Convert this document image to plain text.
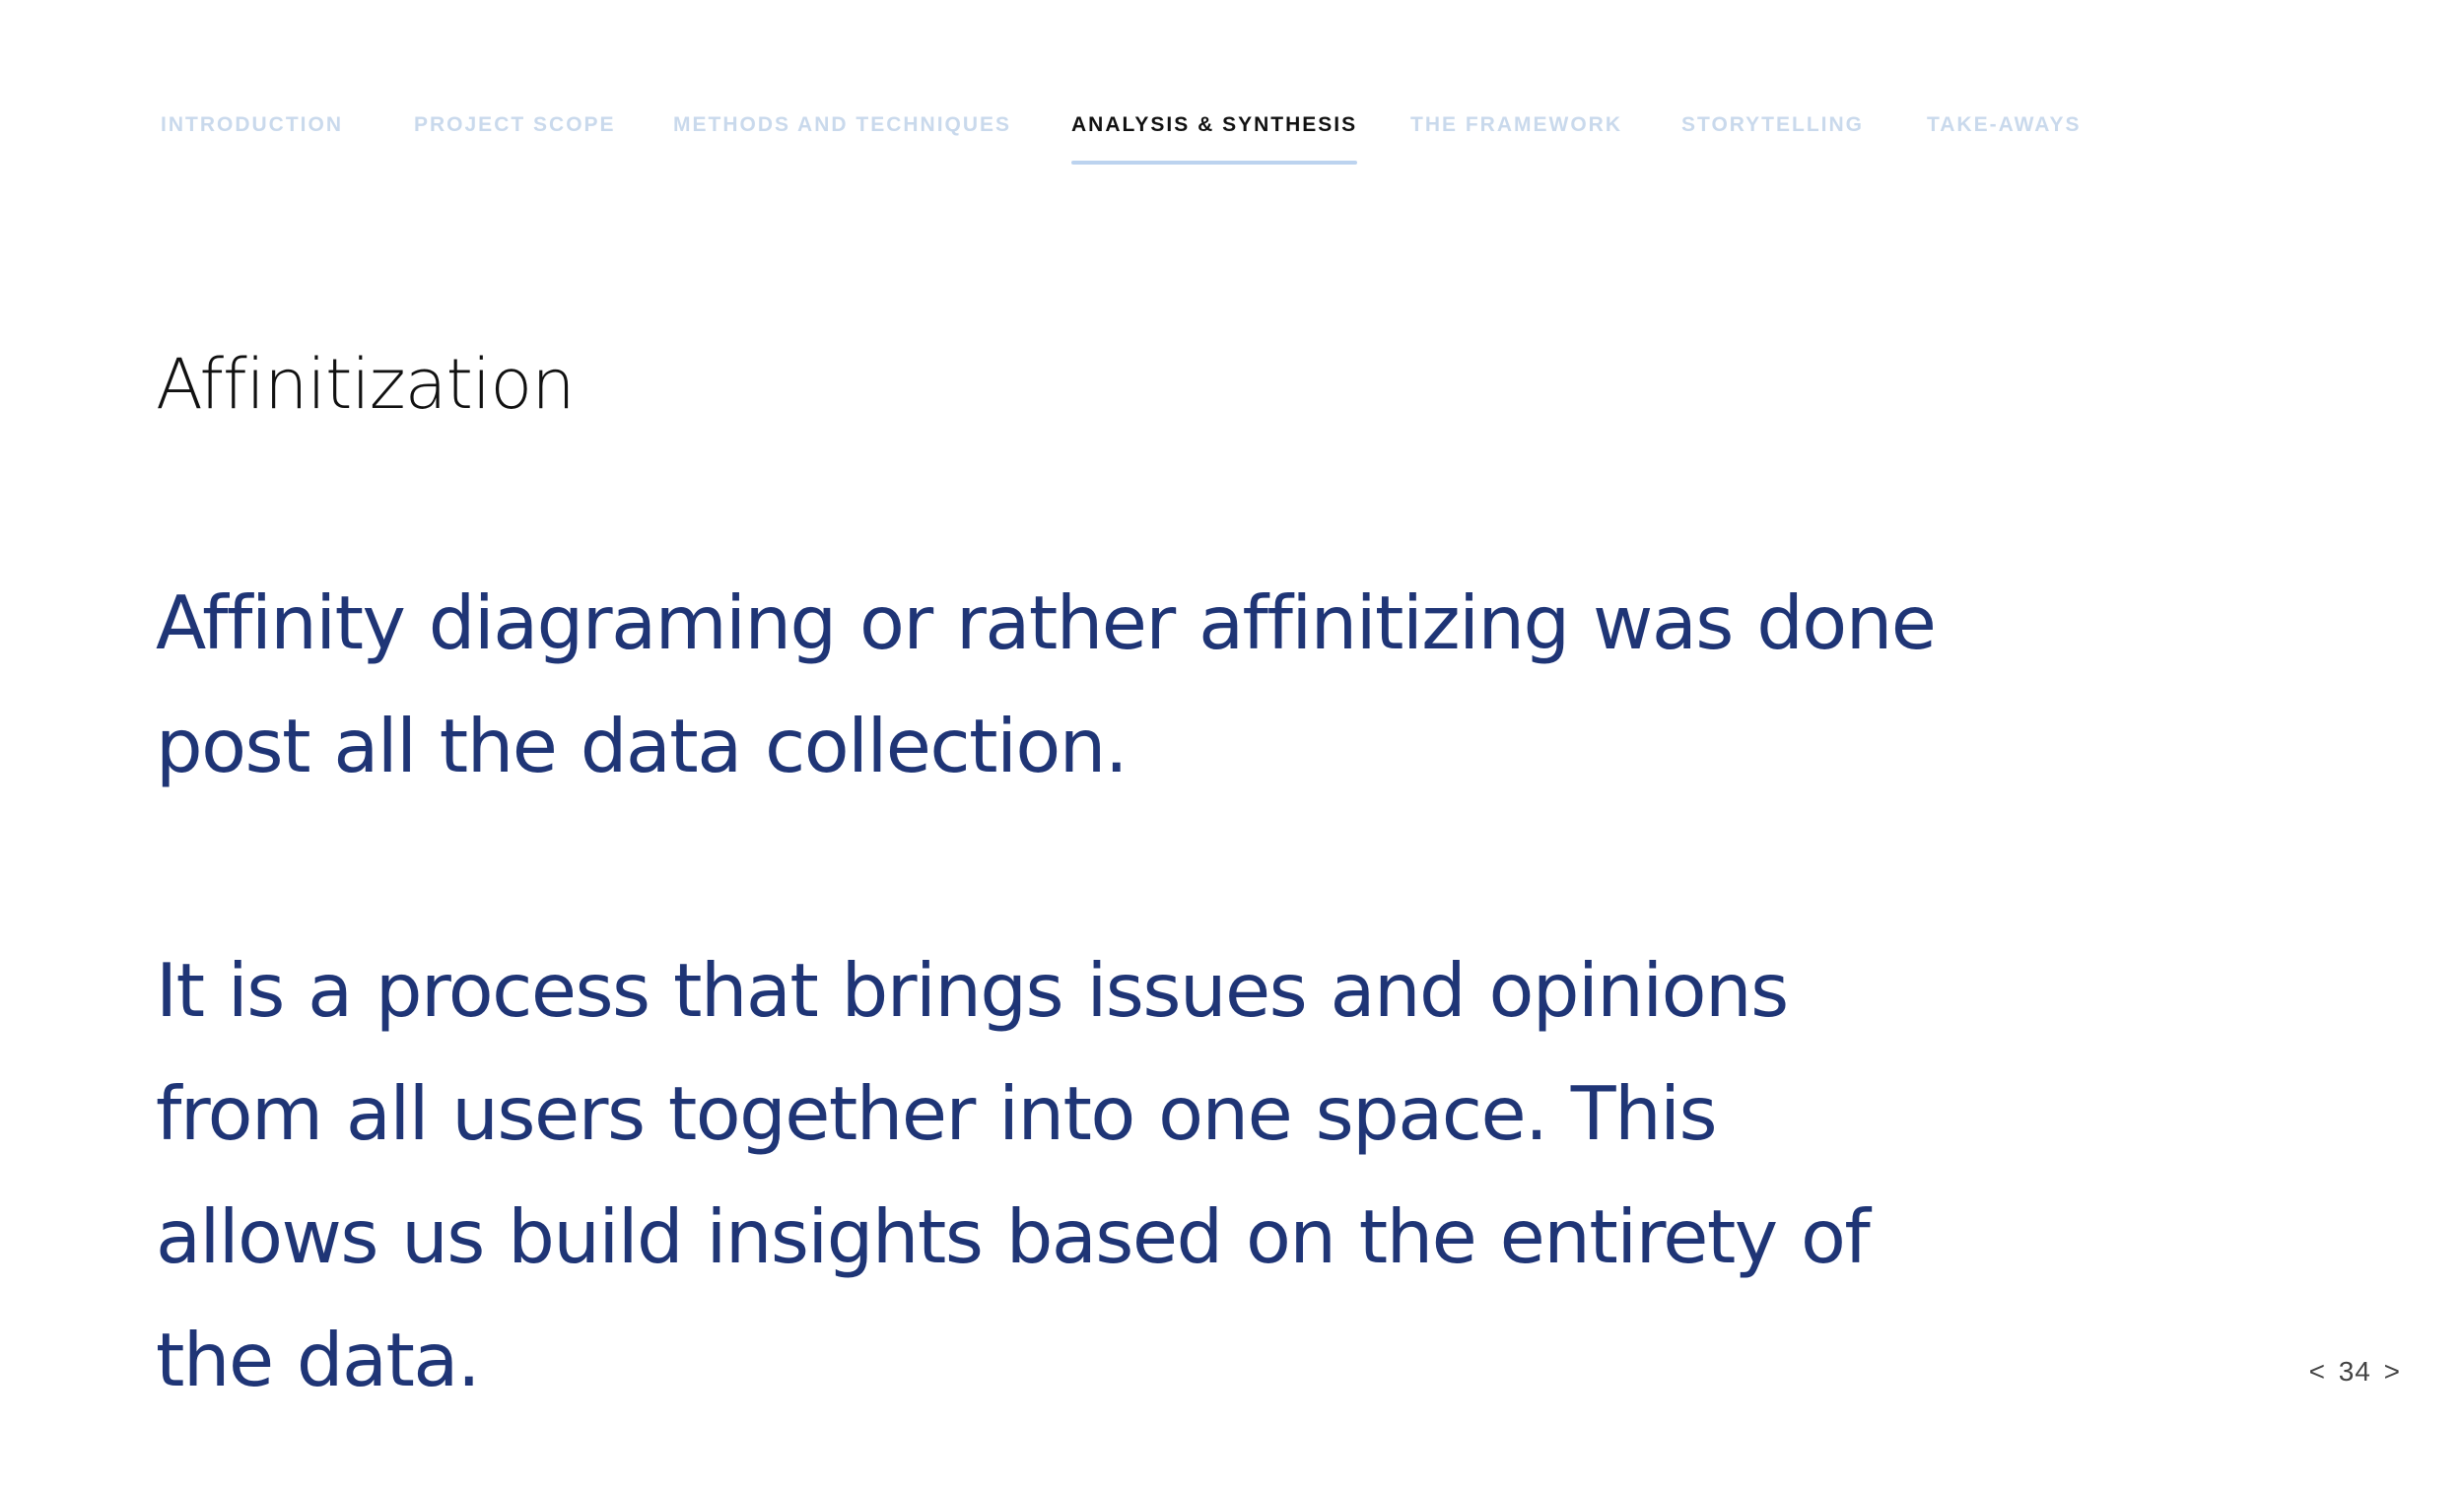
INTRODUCTION	PROJECT SCOPE	METHODS AND TECHNIQUES	ANALYSIS & SYNTHESIS	THE FRAMEWORK	STORYTELLING	TAKE-AWAYS
Affinitization

Affinity diagraming or rather affinitizing was done post all the data collection.

It is a process that brings issues and opinions from all users together into one space. This allows us build insights based on the entirety of the data.	< 34 >
